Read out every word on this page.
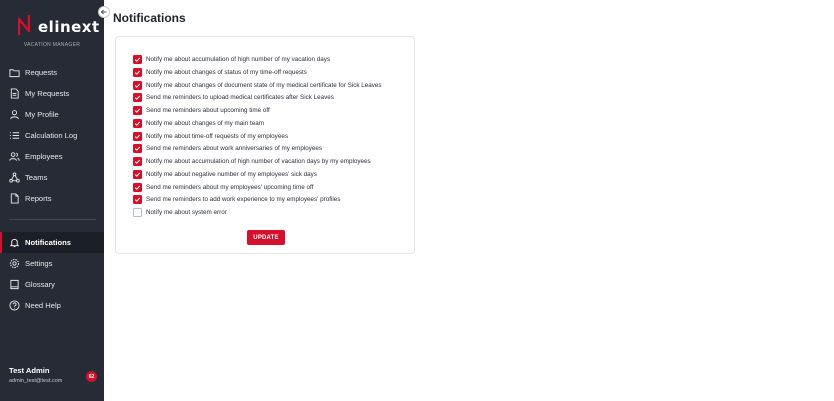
elinext
VACATION MANAGER
Requests
My Requests
My Profile
Calculation Log
Employees
Teams
Reports
Notifications
Settings
Glossary
Need Help
Test Admin
admin_test@test.com
62
Notifications
Notify me about accumulation of high number of my vacation days
Notify me about changes of status of my time-off requests
Notify me about changes of document state of my medical certificate for Sick Leaves
Send me reminders to upload medical certificates after Sick Leaves
Send me reminders about upcoming time off
Notify me about changes of my main team
Notify me about time-off requests of my employees
Send me reminders about work anniversaries of my employees
Notify me about accumulation of high number of vacation days by my employees
Notify me about negative number of my employees' sick days
Send me reminders about my employees' upcoming time off
Send me reminders to add work experience to my employees' profiles
Notify me about system error
UPDATE
